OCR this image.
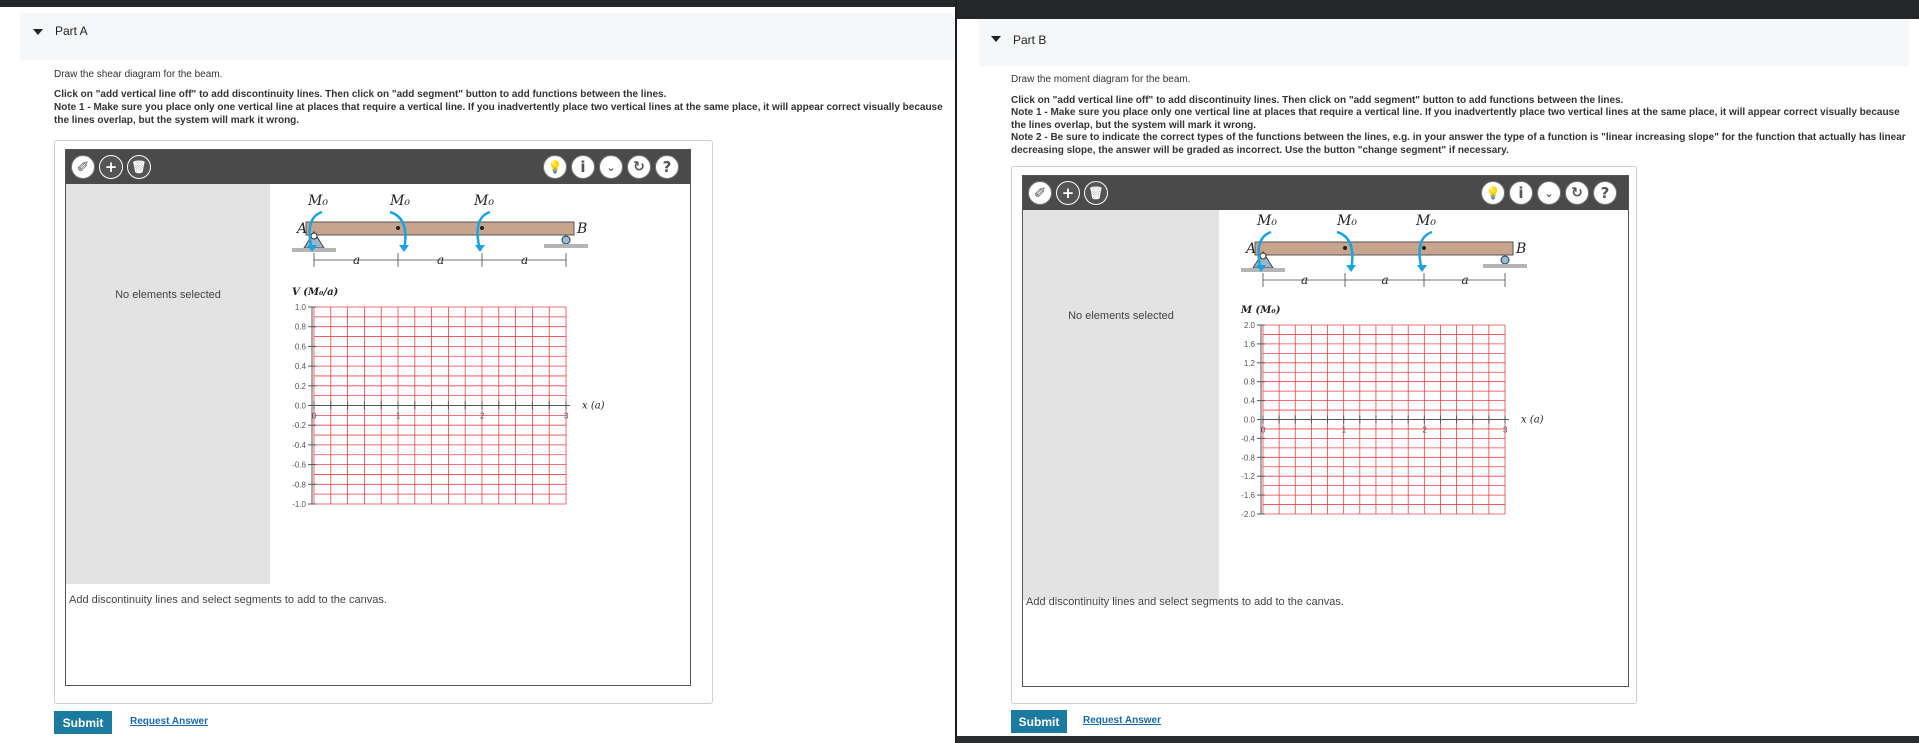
Part A
Draw the shear diagram for the beam.
Click on "add vertical line off" to add discontinuity lines. Then click on "add segment" button to add functions between the lines.
Note 1 - Make sure you place only one vertical line at places that require a vertical line. If you inadvertently place two vertical lines at the same place, it will appear correct visually because the lines overlap, but the system will mark it wrong.
✐	+	🗑	💡	i	⌄	↻	?
No elements selected
A	B
M₀	M₀	M₀
a	a	a
V (M₀/a)
1.0
0.8
0.6
0.4
0.2
0.0
-0.2
-0.4
-0.6
-0.8
-1.0
0	1	2	3
x (a)
Add discontinuity lines and select segments to add to the canvas.
Submit	Request Answer
Part B
Draw the moment diagram for the beam.
Click on "add vertical line off" to add discontinuity lines. Then click on "add segment" button to add functions between the lines.
Note 1 - Make sure you place only one vertical line at places that require a vertical line. If you inadvertently place two vertical lines at the same place, it will appear correct visually because the lines overlap, but the system will mark it wrong.
Note 2 - Be sure to indicate the correct types of the functions between the lines, e.g. in your answer the type of a function is "linear increasing slope" for the function that actually has linear decreasing slope, the answer will be graded as incorrect. Use the button "change segment" if necessary.
✐	+	🗑	💡	i	⌄	↻	?
No elements selected
A	B
M₀	M₀	M₀
a	a	a
M (M₀)
2.0
1.6
1.2
0.8
0.4
0.0
-0.4
-0.8
-1.2
-1.6
-2.0
0	1	2	3
x (a)
Add discontinuity lines and select segments to add to the canvas.
Submit	Request Answer
